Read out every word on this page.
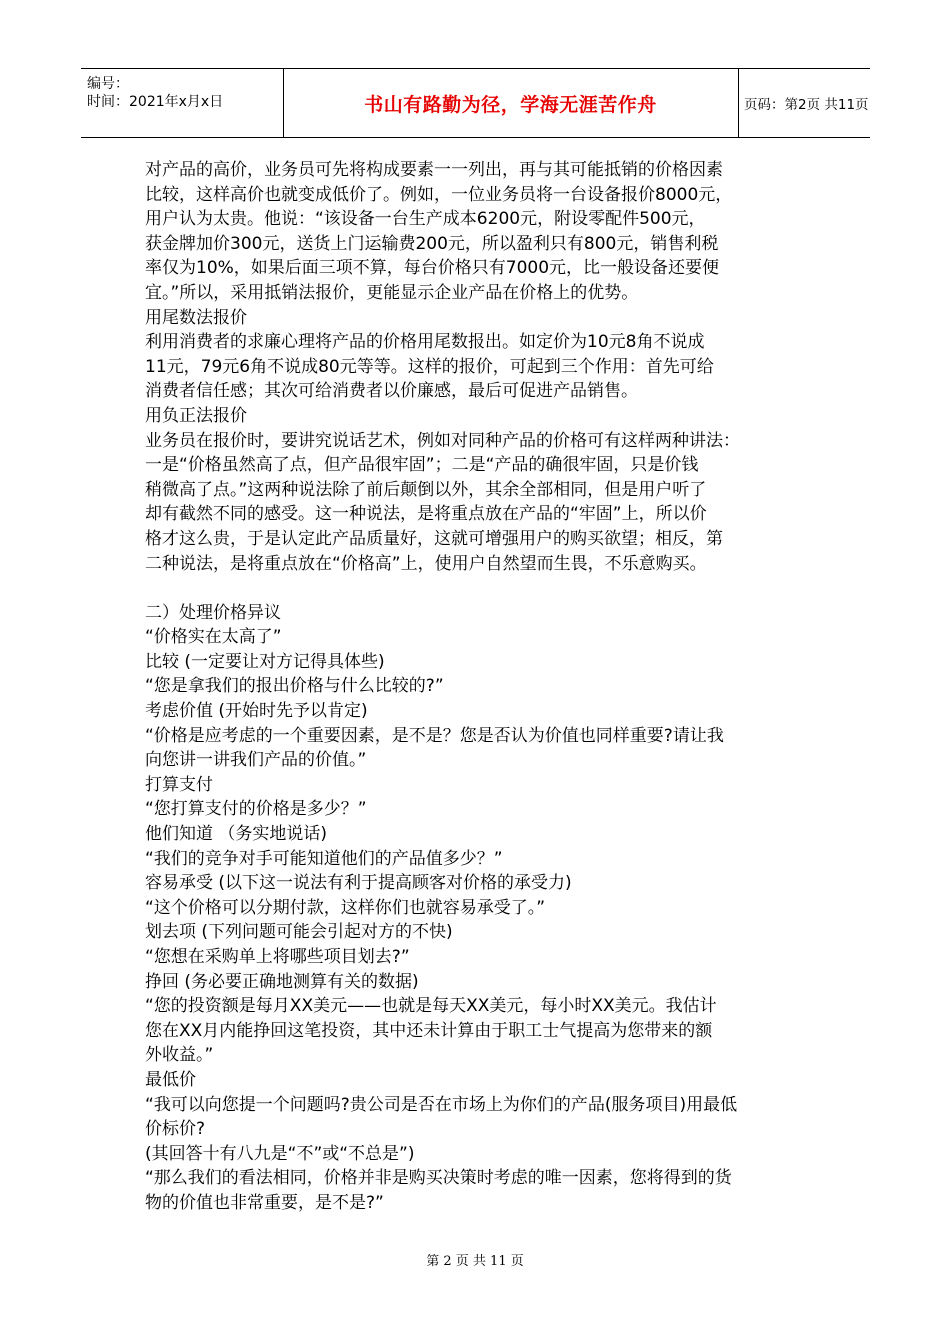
编号：
时间：2021年x月x日	书山有路勤为径，学海无涯苦作舟	页码：第2页 共11页
对产品的高价，业务员可先将构成要素一一列出，再与其可能抵销的价格因素
比较，这样高价也就变成低价了。例如，一位业务员将一台设备报价8000元，
用户认为太贵。他说：“该设备一台生产成本6200元，附设零配件500元，
获金牌加价300元，送货上门运输费200元，所以盈利只有800元，销售利税
率仅为10%，如果后面三项不算，每台价格只有7000元，比一般设备还要便
宜。”所以，采用抵销法报价，更能显示企业产品在价格上的优势。
用尾数法报价
利用消费者的求廉心理将产品的价格用尾数报出。如定价为10元8角不说成
11元，79元6角不说成80元等等。这样的报价，可起到三个作用：首先可给
消费者信任感；其次可给消费者以价廉感，最后可促进产品销售。
用负正法报价
业务员在报价时，要讲究说话艺术，例如对同种产品的价格可有这样两种讲法：
一是“价格虽然高了点，但产品很牢固”；二是“产品的确很牢固，只是价钱
稍微高了点。”这两种说法除了前后颠倒以外，其余全部相同，但是用户听了
却有截然不同的感受。这一种说法，是将重点放在产品的“牢固”上，所以价
格才这么贵，于是认定此产品质量好，这就可增强用户的购买欲望；相反，第
二种说法，是将重点放在“价格高”上，使用户自然望而生畏，不乐意购买。
二）处理价格异议
“价格实在太高了”
比较 (一定要让对方记得具体些)
“您是拿我们的报出价格与什么比较的?”
考虑价值 (开始时先予以肯定)
“价格是应考虑的一个重要因素，是不是？您是否认为价值也同样重要?请让我
向您讲一讲我们产品的价值。”
打算支付
“您打算支付的价格是多少？”
他们知道 （务实地说话)
“我们的竞争对手可能知道他们的产品值多少？”
容易承受 (以下这一说法有利于提高顾客对价格的承受力)
“这个价格可以分期付款，这样你们也就容易承受了。”
划去项 (下列问题可能会引起对方的不快)
“您想在采购单上将哪些项目划去?”
挣回 (务必要正确地测算有关的数据)
“您的投资额是每月XX美元——也就是每天XX美元，每小时XX美元。我估计
您在XX月内能挣回这笔投资，其中还未计算由于职工士气提高为您带来的额
外收益。”
最低价
“我可以向您提一个问题吗?贵公司是否在市场上为你们的产品(服务项目)用最低
价标价?
(其回答十有八九是“不”或“不总是”)
“那么我们的看法相同，价格并非是购买决策时考虑的唯一因素，您将得到的货
物的价值也非常重要，是不是?”
第 2 页 共 11 页
